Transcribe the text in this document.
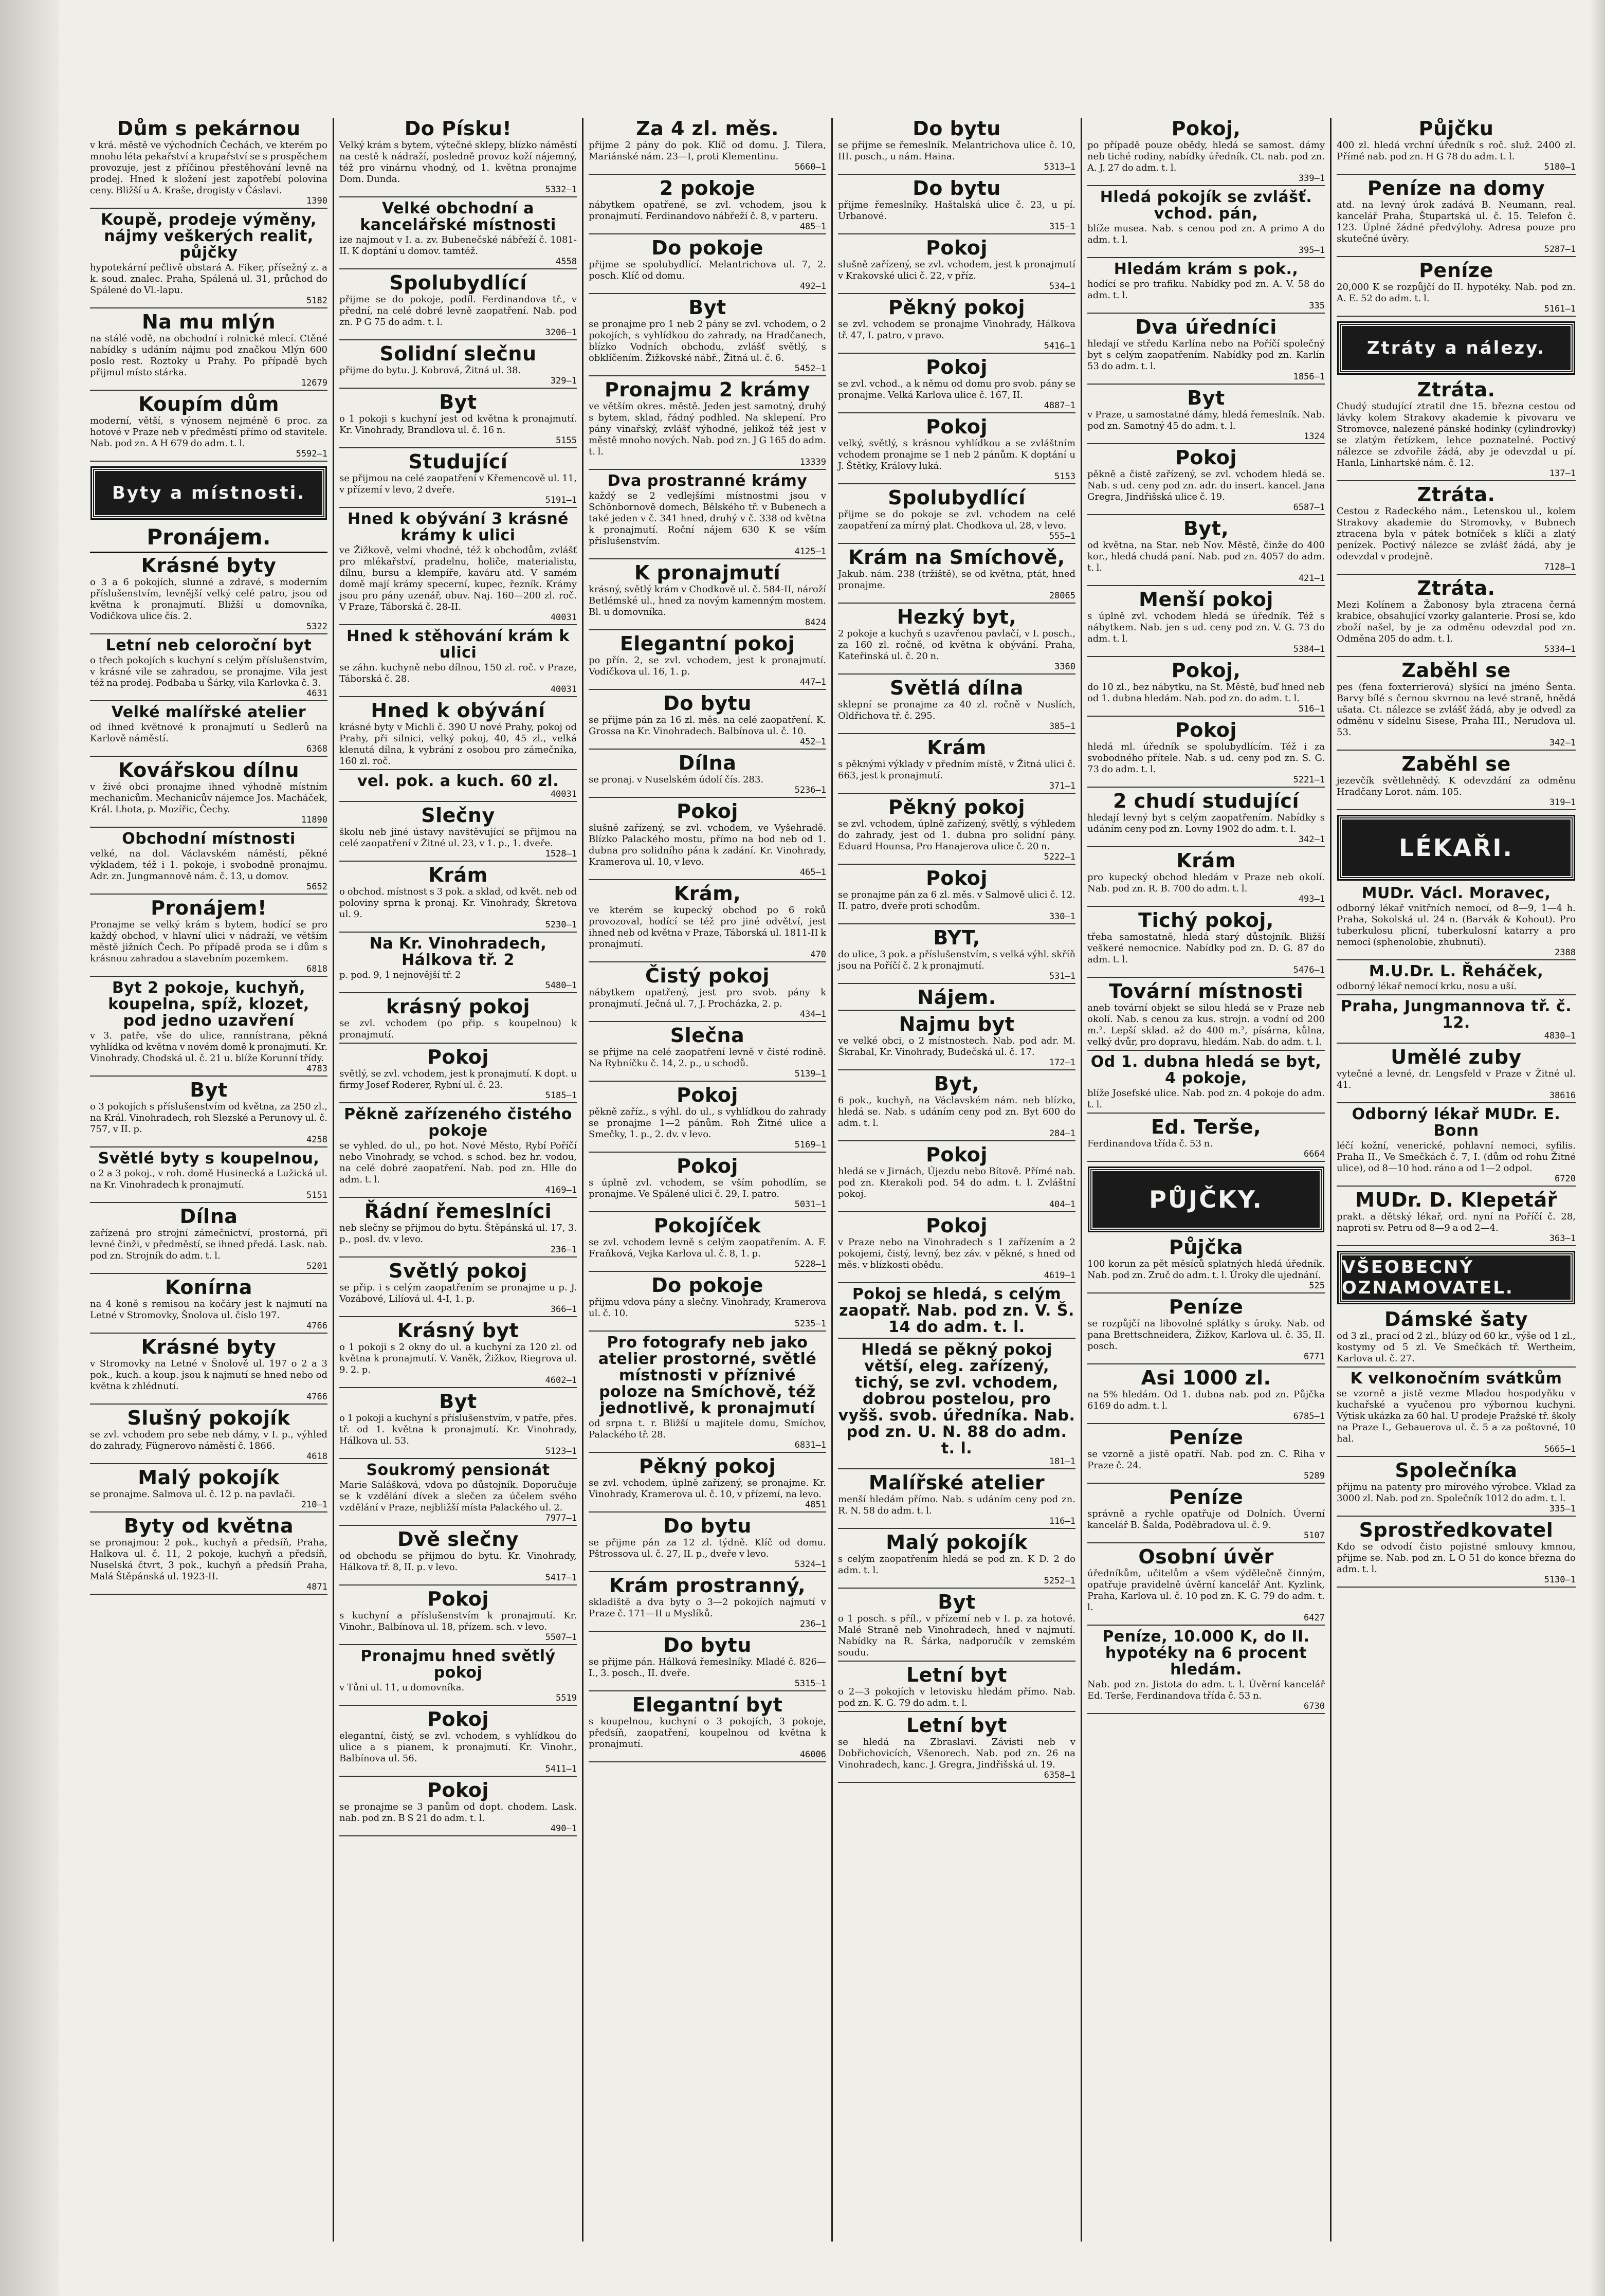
Dům s pekárnou
v krá. městě ve východních Čechách, ve kterém po mnoho léta pekařství a krupařství se s prospěchem provozuje, jest z příčinou přestěhování levně na prodej. Hned k složení jest zapotřebí polovina ceny. Bližší u A. Kraše, drogisty v Čáslavi.
1390
Koupě, prodeje výměny, nájmy veškerých realit, půjčky
hypotekární pečlivě obstará A. Fiker, přísežný z. a k. soud. znalec. Praha, Spálená ul. 31, průchod do Spálené do Vl.-lapu.
5182
Na mu mlýn
na stálé vodě, na obchodní i rolnické mlecí. Ctěné nabídky s udáním nájmu pod značkou Mlýn 600 poslo rest. Roztoky u Prahy. Po případě bych přijmul místo stárka.
12679
Koupím dům
moderní, větší, s výnosem nejméně 6 proc. za hotové v Praze neb v předměstí přímo od stavitele. Nab. pod zn. A H 679 do adm. t. l.
5592—1
Byty a místnosti.
Pronájem.
Krásné byty
o 3 a 6 pokojích, slunné a zdravé, s moderním příslušenstvím, levnější velký celé patro, jsou od května k pronajmutí. Bližší u domovníka, Vodičkova ulice čís. 2.
5322
Letní neb celoroční byt
o třech pokojích s kuchyní s celým příslušenstvím, v krásné vile se zahradou, se pronajme. Vila jest též na prodej. Podbaba u Šárky, vila Karlovka č. 3.
4631
Velké malířské atelier
od ihned květnové k pronajmutí u Sedlerů na Karlově náměstí.
6368
Kovářskou dílnu
v živé obci pronajme ihned výhodně místním mechanicům. Mechanicův nájemce Jos. Macháček, Král. Lhota, p. Mozířic, Čechy.
11890
Obchodní místnosti
velké, na dol. Václavském náměstí, pěkné výkladem, též i 1. pokoje, i svobodně pronajmu. Adr. zn. Jungmannově nám. č. 13, u domov.
5652
Pronájem!
Pronajme se velký krám s bytem, hodící se pro každý obchod, v hlavní ulici v nádraží, ve větším městě jižních Čech. Po případě proda se i dům s krásnou zahradou a stavebním pozemkem.
6818
Byt 2 pokoje, kuchyň, koupelna, spíž, klozet, pod jedno uzavření
v 3. patře, vše do ulice, rannístrana, pěkná vyhlídka od května v novém domě k pronajmutí. Kr. Vinohrady. Chodská ul. č. 21 u. blíže Korunní třídy.
4783
Byt
o 3 pokojích s příslušenstvím od května, za 250 zl., na Král. Vinohradech, roh Slezské a Perunovy ul. č. 757, v II. p.
4258
Světlé byty s koupelnou,
o 2 a 3 pokoj., v roh. domě Husinecká a Lužická ul. na Kr. Vinohradech k pronajmutí.
5151
Dílna
zařízená pro strojní zámečnictví, prostorná, při levné činži, v předměstí, se ihned předá. Lask. nab. pod zn. Strojník do adm. t. l.
5201
Konírna
na 4 koně s remisou na kočáry jest k najmutí na Letné v Stromovky, Šnolova ul. číslo 197.
4766
Krásné byty
v Stromovky na Letné v Šnolově ul. 197 o 2 a 3 pok., kuch. a koup. jsou k najmutí se hned nebo od května k zhlédnutí.
4766
Slušný pokojík
se zvl. vchodem pro sebe neb dámy, v I. p., výhled do zahrady, Fügnerovo náměstí č. 1866.
4618
Malý pokojík
se pronajme. Salmova ul. č. 12 p. na pavlači.
210—1
Byty od května
se pronajmou: 2 pok., kuchyň a předsíň, Praha, Halkova ul. č. 11, 2 pokoje, kuchyň a předsíň, Nuselská čtvrt, 3 pok., kuchyň a předsíň Praha, Malá Štěpánská ul. 1923-II.
4871
Do Písku!
Velký krám s bytem, výtečné sklepy, blízko náměstí na cestě k nádraží, posledně provoz koží nájemný, též pro vinárnu vhodný, od 1. května pronajme Dom. Dunda.
5332—1
Velké obchodní a kancelářské místnosti
ize najmout v I. a. zv. Bubenečské nábřeží č. 1081-II. K doptání u domov. tamtéž.
4558
Spolubydlící
přijme se do pokoje, podíl. Ferdinandova tř., v přední, na celé dobré levně zaopatření. Nab. pod zn. P G 75 do adm. t. l.
3206—1
Solidní slečnu
přijme do bytu. J. Kobrová, Žitná ul. 38.
329—1
Byt
o 1 pokoji s kuchyní jest od května k pronajmutí. Kr. Vinohrady, Brandlova ul. č. 16 n.
5155
Studující
se přijmou na celé zaopatření v Křemencově ul. 11, v přízemí v levo, 2 dveře.
5191—1
Hned k obývání 3 krásné krámy k ulici
ve Žižkově, velmi vhodné, též k obchodům, zvlášť pro mlékařství, pradelnu, holiče, materialistu, dílnu, bursu a klempíře, kaváru atd. V samém domě mají krámy specerní, kupec, řezník. Krámy jsou pro pány uzenář, obuv. Naj. 160—200 zl. roč. V Praze, Táborská č. 28-II.
40031
Hned k stěhování krám k ulici
se záhn. kuchyně nebo dílnou, 150 zl. roč. v Praze, Táborská č. 28.
40031
Hned k obývání
krásné byty v Michli č. 390 U nové Prahy, pokoj od Prahy, při silnici, velký pokoj, 40, 45 zl., velká klenutá dílna, k vybrání z osobou pro zámečníka, 160 zl. roč.
vel. pok. a kuch. 60 zl.
40031
Slečny
školu neb jiné ústavy navštěvující se přijmou na celé zaopatření v Žitné ul. 23, v 1. p., 1. dveře.
1528—1
Krám
o obchod. místnost s 3 pok. a sklad, od květ. neb od poloviny sprna k pronaj. Kr. Vinohrady, Škretova ul. 9.
5230—1
Na Kr. Vinohradech, Hálkova tř. 2
p. pod. 9, 1 nejnovější tř. 2
5480—1
krásný pokoj
se zvl. vchodem (po přip. s koupelnou) k pronajmutí.
Pokoj
světlý, se zvl. vchodem, jest k pronajmutí. K dopt. u firmy Josef Roderer, Rybní ul. č. 23.
5185—1
Pěkně zařízeného čistého pokoje
se vyhled. do ul., po hot. Nové Město, Rybí Poříčí nebo Vinohrady, se vchod. s schod. bez hr. vodou, na celé dobré zaopatření. Nab. pod zn. Hlle do adm. t. l.
4169—1
Řádní řemeslníci
neb slečny se přijmou do bytu. Štěpánská ul. 17, 3. p., posl. dv. v levo.
236—1
Světlý pokoj
se přip. i s celým zaopatřením se pronajme u p. J. Vozábové, Lilíová ul. 4-I, 1. p.
366—1
Krásný byt
o 1 pokoji s 2 okny do ul. a kuchyní za 120 zl. od května k pronajmutí. V. Vaněk, Žižkov, Riegrova ul. 9. 2. p.
4602—1
Byt
o 1 pokoji a kuchyní s příslušenstvím, v patře, přes. tř. od 1. května k pronajmutí. Kr. Vinohrady, Hálkova ul. 53.
5123—1
Soukromý pensionát
Marie Salášková, vdova po důstojník. Doporučuje se k vzdělání dívek a slečen za účelem svého vzdělání v Praze, nejbližší místa Palackého ul. 2.
7977—1
Dvě slečny
od obchodu se přijmou do bytu. Kr. Vinohrady, Hálkova tř. 8, II. p. v levo.
5417—1
Pokoj
s kuchyní a příslušenstvím k pronajmutí. Kr. Vinohr., Balbínova ul. 18, přízem. sch. v levo.
5507—1
Pronajmu hned světlý pokoj
v Tůni ul. 11, u domovníka.
5519
Pokoj
elegantní, čistý, se zvl. vchodem, s vyhlídkou do ulice a s pianem, k pronajmutí. Kr. Vinohr., Balbínova ul. 56.
5411—1
Pokoj
se pronajme se 3 panům od dopt. chodem. Lask. nab. pod zn. B S 21 do adm. t. l.
490—1
Za 4 zl. měs.
přijme 2 pány do pok. Klíč od domu. J. Tilera, Mariánské nám. 23—I, proti Klementinu.
5660—1
2 pokoje
nábytkem opatřené, se zvl. vchodem, jsou k pronajmutí. Ferdinandovo nábřeží č. 8, v parteru.
485—1
Do pokoje
přijme se spolubydlící. Melantrichova ul. 7, 2. posch. Klíč od domu.
492—1
Byt
se pronajme pro 1 neb 2 pány se zvl. vchodem, o 2 pokojích, s vyhlídkou do zahrady, na Hradčanech, blízko Vodních obchodu, zvlášť světlý, s obklíčením. Žižkovské nábř., Žitná ul. č. 6.
5452—1
Pronajmu 2 krámy
ve větším okres. městě. Jeden jest samotný, druhý s bytem, sklad, řádný podhled. Na sklepení. Pro pány vinařský, zvlášť výhodné, jelikož též jest v městě mnoho nových. Nab. pod zn. J G 165 do adm. t. l.
13339
Dva prostranné krámy
každý se 2 vedlejšími místnostmi jsou v Schönbornově domech, Bělského tř. v Bubenech a také jeden v č. 341 hned, druhý v č. 338 od května k pronajmutí. Roční nájem 630 K se vším příslušenstvím.
4125—1
K pronajmutí
krásný, světlý krám v Chodkově ul. č. 584-II, nároží Betlémské ul., hned za novým kamenným mostem. Bl. u domovníka.
8424
Elegantní pokoj
po přín. 2, se zvl. vchodem, jest k pronajmutí. Vodičkova ul. 16, 1. p.
447—1
Do bytu
se přijme pán za 16 zl. měs. na celé zaopatření. K. Grossa na Kr. Vinohradech. Balbínova ul. č. 10.
452—1
Dílna
se pronaj. v Nuselském údolí čís. 283.
5236—1
Pokoj
slušně zařízený, se zvl. vchodem, ve Vyšehradě. Blízko Palackého mostu, přímo na bod neb od 1. dubna pro solidního pána k zadání. Kr. Vinohrady, Kramerova ul. 10, v levo.
465—1
Krám,
ve kterém se kupecký obchod po 6 roků provozoval, hodící se též pro jiné odvětví, jest ihned neb od května v Praze, Táborská ul. 1811-II k pronajmutí.
470
Čistý pokoj
nábytkem opatřený, jest pro svob. pány k pronajmutí. Ječná ul. 7, J. Procházka, 2. p.
434—1
Slečna
se přijme na celé zaopatření levně v čisté rodině. Na Rybníčku č. 14, 2. p., u schodů.
5139—1
Pokoj
pěkně zaříz., s výhl. do ul., s vyhlídkou do zahrady se pronajme 1—2 pánům. Roh Žitné ulice a Smečky, 1. p., 2. dv. v levo.
5169—1
Pokoj
s úplně zvl. vchodem, se vším pohodlím, se pronajme. Ve Spálené ulici č. 29, I. patro.
5031—1
Pokojíček
se zvl. vchodem levně s celým zaopatřením. A. F. Fraňková, Vejka Karlova ul. č. 8, 1. p.
5228—1
Do pokoje
přijmu vdova pány a slečny. Vinohrady, Kramerova ul. č. 10.
5235—1
Pro fotografy neb jako atelier prostorné, světlé místnosti v příznivé poloze na Smíchově, též jednotlivě, k pronajmutí
od srpna t. r. Bližší u majitele domu, Smíchov, Palackého tř. 28.
6831—1
Pěkný pokoj
se zvl. vchodem, úplně zařízený, se pronajme. Kr. Vinohrady, Kramerova ul. č. 10, v přízemí, na levo.
4851
Do bytu
se přijme pán za 12 zl. týdně. Klíč od domu. Pštrossova ul. č. 27, II. p., dveře v levo.
5324—1
Krám prostranný,
skladiště a dva byty o 3—2 pokojích najmutí v Praze č. 171—II u Myslíků.
236—1
Do bytu
se přijme pán. Hálková řemeslníky. Mladé č. 826—I., 3. posch., II. dveře.
5315—1
Elegantní byt
s koupelnou, kuchyní o 3 pokojích, 3 pokoje, předsíň, zaopatření, koupelnou od května k pronajmutí.
46006
Do bytu
se přijme se řemeslník. Melantrichova ulice č. 10, III. posch., u nám. Haina.
5313—1
Do bytu
přijme řemeslníky. Haštalská ulice č. 23, u pí. Urbanové.
315—1
Pokoj
slušně zařízený, se zvl. vchodem, jest k pronajmutí v Krakovské ulici č. 22, v příz.
534—1
Pěkný pokoj
se zvl. vchodem se pronajme Vinohrady, Hálkova tř. 47, I. patro, v pravo.
5416—1
Pokoj
se zvl. vchod., a k němu od domu pro svob. pány se pronajme. Velká Karlova ulice č. 167, II.
4887—1
Pokoj
velký, světlý, s krásnou vyhlídkou a se zvláštním vchodem pronajme se 1 neb 2 pánům. K doptání u J. Štětky, Královy luká.
5153
Spolubydlící
přijme se do pokoje se zvl. vchodem na celé zaopatření za mírný plat. Chodkova ul. 28, v levo.
555—1
Krám na Smíchově,
Jakub. nám. 238 (tržiště), se od května, ptát, hned pronajme.
28065
Hezký byt,
2 pokoje a kuchyň s uzavřenou pavlačí, v I. posch., za 160 zl. ročně, od května k obývání. Praha, Kateřinská ul. č. 20 n.
3360
Světlá dílna
sklepní se pronajme za 40 zl. ročně v Nuslích, Oldřichova tř. č. 295.
385—1
Krám
s pěknými výklady v předním místě, v Žitná ulici č. 663, jest k pronajmutí.
371—1
Pěkný pokoj
se zvl. vchodem, úplně zařízený, světlý, s výhledem do zahrady, jest od 1. dubna pro solidní pány. Eduard Hounsa, Pro Hanajerova ulice č. 20 n.
5222—1
Pokoj
se pronajme pán za 6 zl. měs. v Salmově ulici č. 12. II. patro, dveře proti schodům.
330—1
BYT,
do ulice, 3 pok. a příslušenstvím, s velká výhl. skříň jsou na Poříčí č. 2 k pronajmutí.
531—1
Nájem.
Najmu byt
ve velké obci, o 2 místnostech. Nab. pod adr. M. Škrabal, Kr. Vinohrady, Budečská ul. č. 17.
172—1
Byt,
6 pok., kuchyň, na Václavském nám. neb blízko, hledá se. Nab. s udáním ceny pod zn. Byt 600 do adm. t. l.
284—1
Pokoj
hledá se v Jirnách, Újezdu nebo Bítově. Přímé nab. pod zn. Kterakoli pod. 54 do adm. t. l. Zvláštní pokoj.
404—1
Pokoj
v Praze nebo na Vinohradech s 1 zařízením a 2 pokojemi, čistý, levný, bez záv. v pěkné, s hned od měs. v blízkosti obědu.
4619—1
Pokoj se hledá, s celým zaopatř. Nab. pod zn. V. Š. 14 do adm. t. l.
Hledá se pěkný pokoj větší, eleg. zařízený, tichý, se zvl. vchodem, dobrou postelou, pro vyšš. svob. úředníka. Nab. pod zn. U. N. 88 do adm. t. l.
181—1
Malířské atelier
menší hledám přímo. Nab. s udáním ceny pod zn. R. N. 58 do adm. t. l.
116—1
Malý pokojík
s celým zaopatřením hledá se pod zn. K D. 2 do adm. t. l.
5252—1
Byt
o 1 posch. s příl., v přízemí neb v I. p. za hotové. Malé Straně neb Vinohradech, hned v najmutí. Nabídky na R. Šárka, nadporučík v zemském soudu.
Letní byt
o 2—3 pokojích v letovisku hledám přímo. Nab. pod zn. K. G. 79 do adm. t. l.
Letní byt
se hledá na Zbraslavi. Závisti neb v Dobřichovicích, Všenorech. Nab. pod zn. 26 na Vinohradech, kanc. J. Gregra, Jindřišská ul. 19.
6358—1
Pokoj,
po případě pouze obědy, hledá se samost. dámy neb tiché rodiny, nabídky úředník. Ct. nab. pod zn. A. J. 27 do adm. t. l.
339—1
Hledá pokojík se zvlášť. vchod. pán,
blíže musea. Nab. s cenou pod zn. A primo A do adm. t. l.
395—1
Hledám krám s pok.,
hodící se pro trafiku. Nabídky pod zn. A. V. 58 do adm. t. l.
335
Dva úředníci
hledají ve středu Karlína nebo na Poříčí společný byt s celým zaopatřením. Nabídky pod zn. Karlín 53 do adm. t. l.
1856—1
Byt
v Praze, u samostatné dámy, hledá řemeslník. Nab. pod zn. Samotný 45 do adm. t. l.
1324
Pokoj
pěkně a čistě zařízený, se zvl. vchodem hledá se. Nab. s ud. ceny pod zn. adr. do insert. kancel. Jana Gregra, Jindřišská ulice č. 19.
6587—1
Byt,
od května, na Star. neb Nov. Městě, činže do 400 kor., hledá chudá paní. Nab. pod zn. 4057 do adm. t. l.
421—1
Menší pokoj
s úplně zvl. vchodem hledá se úředník. Též s nábytkem. Nab. jen s ud. ceny pod zn. V. G. 73 do adm. t. l.
5384—1
Pokoj,
do 10 zl., bez nábytku, na St. Městě, buď hned neb od 1. dubna hledám. Nab. pod zn. do adm. t. l.
516—1
Pokoj
hledá ml. úředník se spolubydlícím. Též i za svobodného přítele. Nab. s ud. ceny pod zn. S. G. 73 do adm. t. l.
5221—1
2 chudí studující
hledají levný byt s celým zaopatřením. Nabídky s udáním ceny pod zn. Lovny 1902 do adm. t. l.
342—1
Krám
pro kupecký obchod hledám v Praze neb okolí. Nab. pod zn. R. B. 700 do adm. t. l.
493—1
Tichý pokoj,
třeba samostatně, hledá starý důstojník. Bližší veškeré nemocnice. Nabídky pod zn. D. G. 87 do adm. t. l.
5476—1
Tovární místnosti
aneb tovární objekt se silou hledá se v Praze neb okolí. Nab. s cenou za kus. strojn. a vodní od 200 m.². Lepší sklad. až do 400 m.², písárna, kůlna, velký dvůr, pro dopravu, hledám. Nab. do adm. t. l.
Od 1. dubna hledá se byt, 4 pokoje,
blíže Josefské ulice. Nab. pod zn. 4 pokoje do adm. t. l.
Ed. Terše,
Ferdinandova třída č. 53 n.
6664
PŮJČKY.
Půjčka
100 korun za pět měsíců splatných hledá úředník. Nab. pod zn. Zruč do adm. t. l. Úroky dle ujednání.
525
Peníze
se rozpůjčí na libovolné splátky s úroky. Nab. od pana Brettschneidera, Žižkov, Karlova ul. č. 35, II. posch.
6771
Asi 1000 zl.
na 5% hledám. Od 1. dubna nab. pod zn. Půjčka 6169 do adm. t. l.
6785—1
Peníze
se vzorně a jistě opatří. Nab. pod zn. C. Riha v Praze č. 24.
5289
Peníze
správně a rychle opatřuje od Dolních. Úverní kancelář B. Šalda, Poděbradova ul. č. 9.
5107
Osobní úvěr
úředníkům, učitelům a všem výdělečně činným, opatřuje pravidelně úvěrní kancelář Ant. Kyzlink, Praha, Karlova ul. č. 10 pod zn. K. G. 79 do adm. t. l.
6427
Peníze, 10.000 K, do II. hypotéky na 6 procent hledám.
Nab. pod zn. Jistota do adm. t. l. Úvěrní kancelář Ed. Terše, Ferdinandova třída č. 53 n.
6730
Půjčku
400 zl. hledá vrchní úředník s roč. služ. 2400 zl. Přímé nab. pod zn. H G 78 do adm. t. l.
5180—1
Peníze na domy
atd. na levný úrok zadává B. Neumann, real. kancelář Praha, Štupartská ul. č. 15. Telefon č. 123. Úplné žádné předvýlohy. Adresa pouze pro skutečné úvěry.
5287—1
Peníze
20,000 K se rozpůjčí do II. hypotéky. Nab. pod zn. A. E. 52 do adm. t. l.
5161—1
Ztráty a nálezy.
Ztráta.
Chudý studující ztratil dne 15. března cestou od lávky kolem Strakovy akademie k pivovaru ve Stromovce, nalezené pánské hodinky (cylindrovky) se zlatým řetízkem, lehce poznatelné. Poctivý nálezce se zdvořile žádá, aby je odevzdal u pí. Hanla, Linhartské nám. č. 12.
137—1
Ztráta.
Cestou z Radeckého nám., Letenskou ul., kolem Strakovy akademie do Stromovky, v Bubnech ztracena byla v pátek botníček s klíči a zlatý penízek. Poctivý nálezce se zvlášť žádá, aby je odevzdal v prodejně.
7128—1
Ztráta.
Mezi Kolínem a Žabonosy byla ztracena černá krabice, obsahující vzorky galanterie. Prosí se, kdo zboží našel, by je za odměnu odevzdal pod zn. Odměna 205 do adm. t. l.
5334—1
Zaběhl se
pes (fena foxterrierová) slyšící na jméno Šenta. Barvy bílé s černou skvrnou na levé straně, hnědá ušata. Ct. nálezce se zvlášť žádá, aby je odvedl za odměnu v sídelnu Sisese, Praha III., Nerudova ul. 53.
342—1
Zaběhl se
jezevčík světlehnědý. K odevzdání za odměnu Hradčany Lorot. nám. 105.
319—1
LÉKAŘI.
MUDr. Václ. Moravec,
odborný lékař vnitřních nemocí, od 8—9, 1—4 h. Praha, Sokolská ul. 24 n. (Barvák & Kohout). Pro tuberkulosu plicní, tuberkulosní katarry a pro nemoci (sphenolobie, zhubnutí).
2388
M.U.Dr. L. Řeháček,
odborný lékař nemocí krku, nosu a uší.
Praha, Jungmannova tř. č. 12.
4830—1
Umělé zuby
vytečné a levné, dr. Lengsfeld v Praze v Žitné ul. 41.
38616
Odborný lékař MUDr. E. Bonn
léčí kožní, venerické, pohlavní nemoci, syfilis. Praha II., Ve Smečkách č. 7, I. (dům od rohu Žitné ulice), od 8—10 hod. ráno a od 1—2 odpol.
6720
MUDr. D. Klepetář
prakt. a dětský lékař, ord. nyní na Poříčí č. 28, naproti sv. Petru od 8—9 a od 2—4.
363—1
VŠEOBECNÝ OZNAMOVATEL.
Dámské šaty
od 3 zl., prací od 2 zl., blúzy od 60 kr., výše od 1 zl., kostymy od 5 zl. Ve Smečkách tř. Wertheim, Karlova ul. č. 27.
K velkonočním svátkům
se vzorně a jistě vezme Mladou hospodyňku v kuchařské a vyučenou pro výbornou kuchyni. Výtisk ukázka za 60 hal. U prodeje Pražské tř. školy na Praze I., Gebauerova ul. č. 5 a za poštovné, 10 hal.
5665—1
Společníka
přijmu na patenty pro mírového výrobce. Vklad za 3000 zl. Nab. pod zn. Společník 1012 do adm. t. l.
335—1
Sprostředkovatel
Kdo se odvodí čisto pojistné smlouvy kmnou, přijme se. Nab. pod zn. L O 51 do konce března do adm. t. l.
5130—1
